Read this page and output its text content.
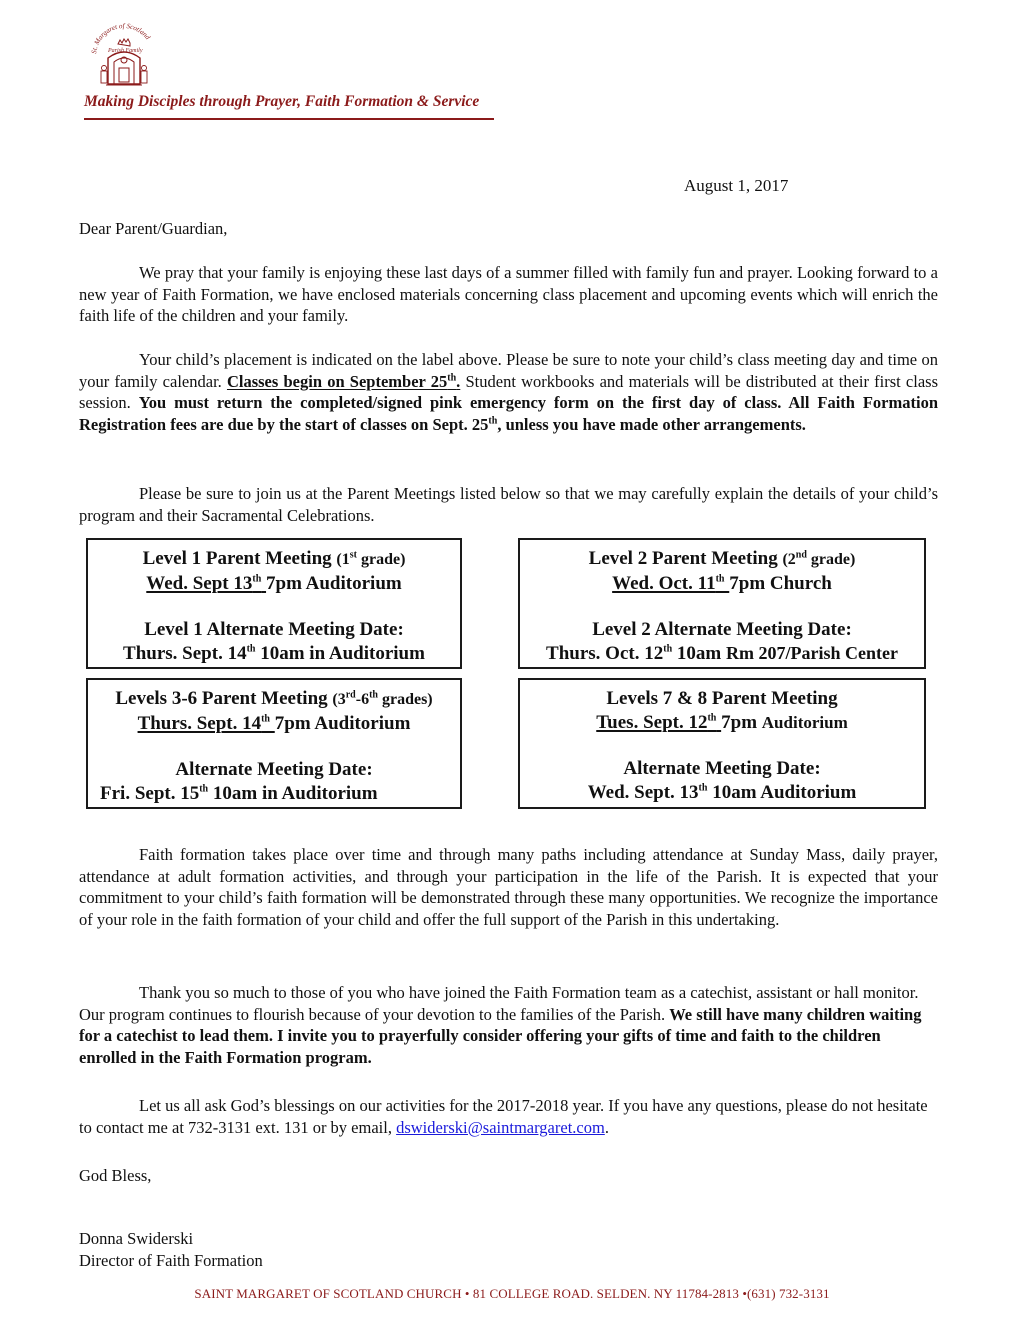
St. Margaret of Scotland
Parish Family
Making Disciples through Prayer, Faith Formation & Service
August 1, 2017
Dear Parent/Guardian,
We pray that your family is enjoying these last days of a summer filled with family fun and prayer. Looking forward to a new year of Faith Formation, we have enclosed materials concerning class placement and upcoming events which will enrich the faith life of the children and your family.
Your child’s placement is indicated on the label above. Please be sure to note your child’s class meeting day and time on your family calendar. Classes begin on September 25th. Student workbooks and materials will be distributed at their first class session. You must return the completed/signed pink emergency form on the first day of class. All Faith Formation Registration fees are due by the start of classes on Sept. 25th, unless you have made other arrangements.
Please be sure to join us at the Parent Meetings listed below so that we may carefully explain the details of your child’s program and their Sacramental Celebrations.
Level 1 Parent Meeting (1st grade)
Wed. Sept 13th 7pm Auditorium
Level 1 Alternate Meeting Date:
Thurs. Sept. 14th 10am in Auditorium
Level 2 Parent Meeting (2nd grade)
Wed. Oct. 11th 7pm Church
Level 2 Alternate Meeting Date:
Thurs. Oct. 12th 10am Rm 207/Parish Center
Levels 3-6 Parent Meeting (3rd-6th grades)
Thurs. Sept. 14th 7pm Auditorium
Alternate Meeting Date:
Fri. Sept. 15th 10am in Auditorium
Levels 7 & 8 Parent Meeting
Tues. Sept. 12th 7pm Auditorium
Alternate Meeting Date:
Wed. Sept. 13th 10am Auditorium
Faith formation takes place over time and through many paths including attendance at Sunday Mass, daily prayer, attendance at adult formation activities, and through your participation in the life of the Parish. It is expected that your commitment to your child’s faith formation will be demonstrated through these many opportunities. We recognize the importance of your role in the faith formation of your child and offer the full support of the Parish in this undertaking.
Thank you so much to those of you who have joined the Faith Formation team as a catechist, assistant or hall monitor. Our program continues to flourish because of your devotion to the families of the Parish. We still have many children waiting for a catechist to lead them. I invite you to prayerfully consider offering your gifts of time and faith to the children enrolled in the Faith Formation program.
Let us all ask God’s blessings on our activities for the 2017-2018 year. If you have any questions, please do not hesitate to contact me at 732-3131 ext. 131 or by email, dswiderski@saintmargaret.com.
God Bless,
Donna Swiderski
Director of Faith Formation
SAINT MARGARET OF SCOTLAND CHURCH • 81 COLLEGE ROAD. SELDEN. NY 11784-2813 •(631) 732-3131
